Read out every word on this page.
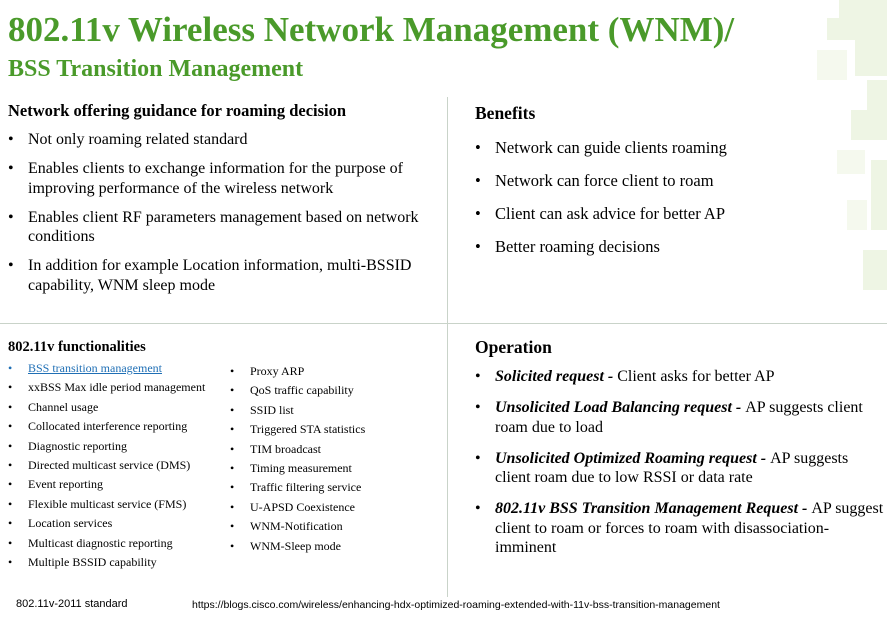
802.11v Wireless Network Management (WNM)/
BSS Transition Management
Network offering guidance for roaming decision
• Not only roaming related standard
• Enables clients to exchange information for the purpose of improving performance of the wireless network
• Enables client RF parameters management based on network conditions
• In addition for example Location information, multi-BSSID capability, WNM sleep mode
Benefits
• Network can guide clients roaming
• Network can force client to roam
• Client can ask advice for better AP
• Better roaming decisions
802.11v functionalities
• BSS transition management
• xxBSS Max idle period management
• Channel usage
• Collocated interference reporting
• Diagnostic reporting
• Directed multicast service (DMS)
• Event reporting
• Flexible multicast service (FMS)
• Location services
• Multicast diagnostic reporting
• Multiple BSSID capability
• Proxy ARP
• QoS traffic capability
• SSID list
• Triggered STA statistics
• TIM broadcast
• Timing measurement
• Traffic filtering service
• U-APSD Coexistence
• WNM-Notification
• WNM-Sleep mode
Operation
• Solicited request - Client asks for better AP
• Unsolicited Load Balancing request - AP suggests client roam due to load
• Unsolicited Optimized Roaming request - AP suggests client roam due to low RSSI or data rate
• 802.11v BSS Transition Management Request - AP suggest client to roam or forces to roam with disassociation-imminent
802.11v-2011 standard	https://blogs.cisco.com/wireless/enhancing-hdx-optimized-roaming-extended-with-11v-bss-transition-management
